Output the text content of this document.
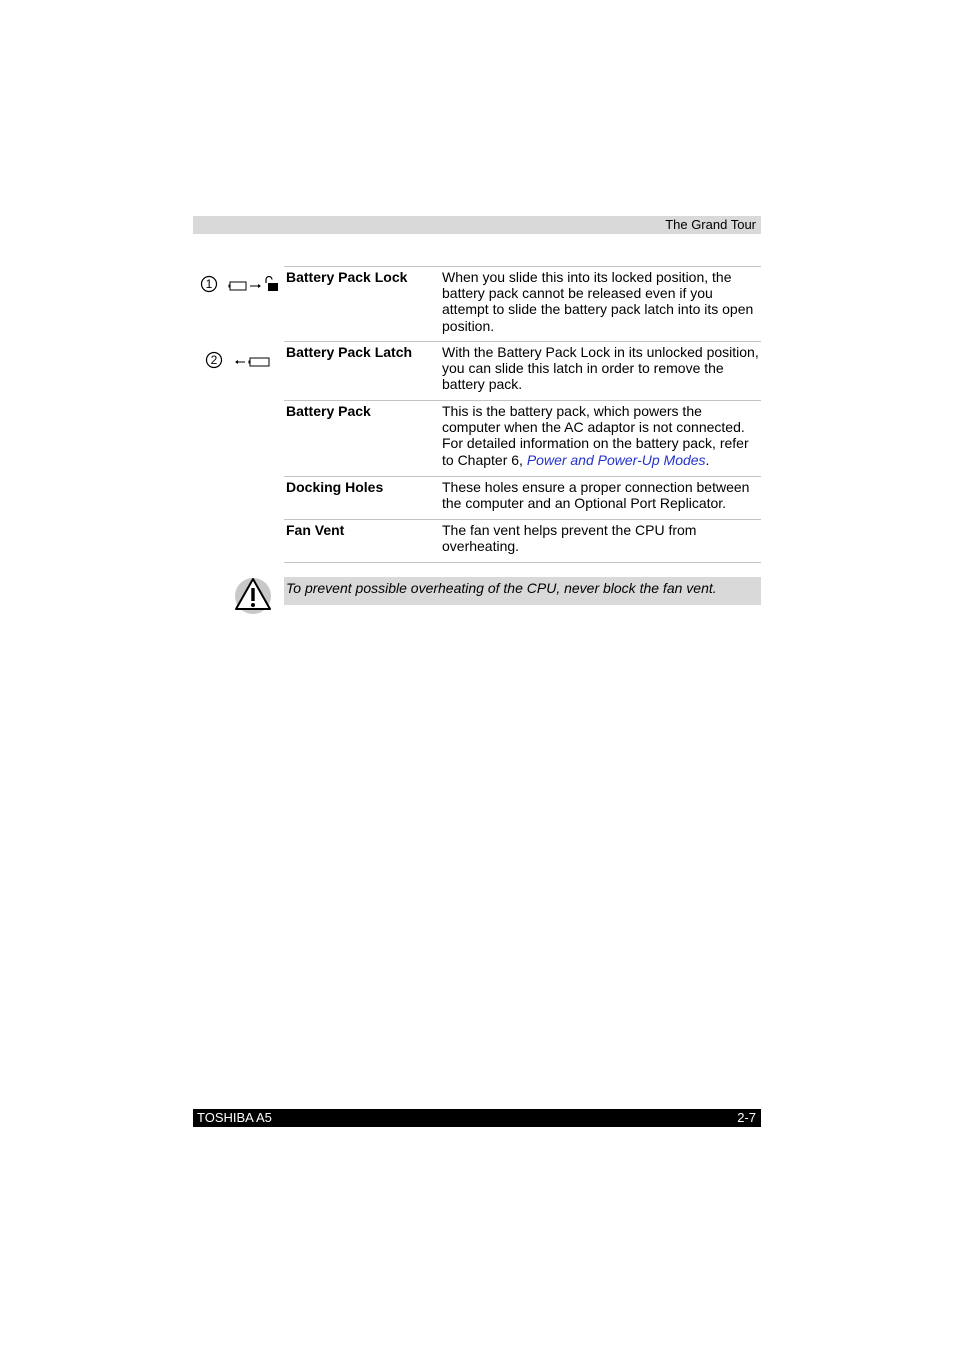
The Grand Tour
1
2
Battery Pack Lock	When you slide this into its locked position, the battery pack cannot be released even if you attempt to slide the battery pack latch into its open position.
Battery Pack Latch	With the Battery Pack Lock in its unlocked position, you can slide this latch in order to remove the battery pack.
Battery Pack	This is the battery pack, which powers the computer when the AC adaptor is not connected. For detailed information on the battery pack, refer to Chapter 6, Power and Power-Up Modes.
Docking Holes	These holes ensure a proper connection between the computer and an Optional Port Replicator.
Fan Vent	The fan vent helps prevent the CPU from overheating.
To prevent possible overheating of the CPU, never block the fan vent.
TOSHIBA A5	2-7
